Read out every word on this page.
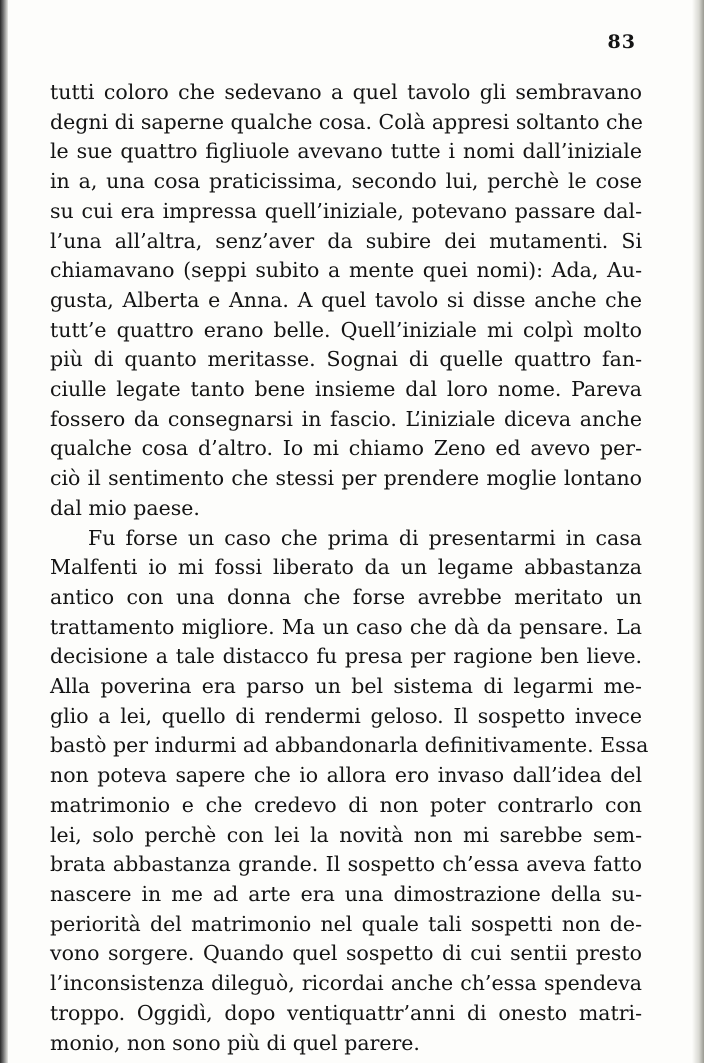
83

tutti coloro che sedevano a quel tavolo gli sembravano
degni di saperne qualche cosa. Colà appresi soltanto che
le sue quattro figliuole avevano tutte i nomi dall’iniziale
in a, una cosa praticissima, secondo lui, perchè le cose
su cui era impressa quell’iniziale, potevano passare dal-
l’una all’altra, senz’aver da subire dei mutamenti. Si
chiamavano (seppi subito a mente quei nomi): Ada, Au-
gusta, Alberta e Anna. A quel tavolo si disse anche che
tutt’e quattro erano belle. Quell’iniziale mi colpì molto
più di quanto meritasse. Sognai di quelle quattro fan-
ciulle legate tanto bene insieme dal loro nome. Pareva
fossero da consegnarsi in fascio. L’iniziale diceva anche
qualche cosa d’altro. Io mi chiamo Zeno ed avevo per-
ciò il sentimento che stessi per prendere moglie lontano
dal mio paese.

Fu forse un caso che prima di presentarmi in casa
Malfenti io mi fossi liberato da un legame abbastanza
antico con una donna che forse avrebbe meritato un
trattamento migliore. Ma un caso che dà da pensare. La
decisione a tale distacco fu presa per ragione ben lieve.
Alla poverina era parso un bel sistema di legarmi me-
glio a lei, quello di rendermi geloso. Il sospetto invece
bastò per indurmi ad abbandonarla definitivamente. Essa
non poteva sapere che io allora ero invaso dall’idea del
matrimonio e che credevo di non poter contrarlo con
lei, solo perchè con lei la novità non mi sarebbe sem-
brata abbastanza grande. Il sospetto ch’essa aveva fatto
nascere in me ad arte era una dimostrazione della su-
periorità del matrimonio nel quale tali sospetti non de-
vono sorgere. Quando quel sospetto di cui sentii presto
l’inconsistenza dileguò, ricordai anche ch’essa spendeva
troppo. Oggidì, dopo ventiquattr’anni di onesto matri-
monio, non sono più di quel parere.
